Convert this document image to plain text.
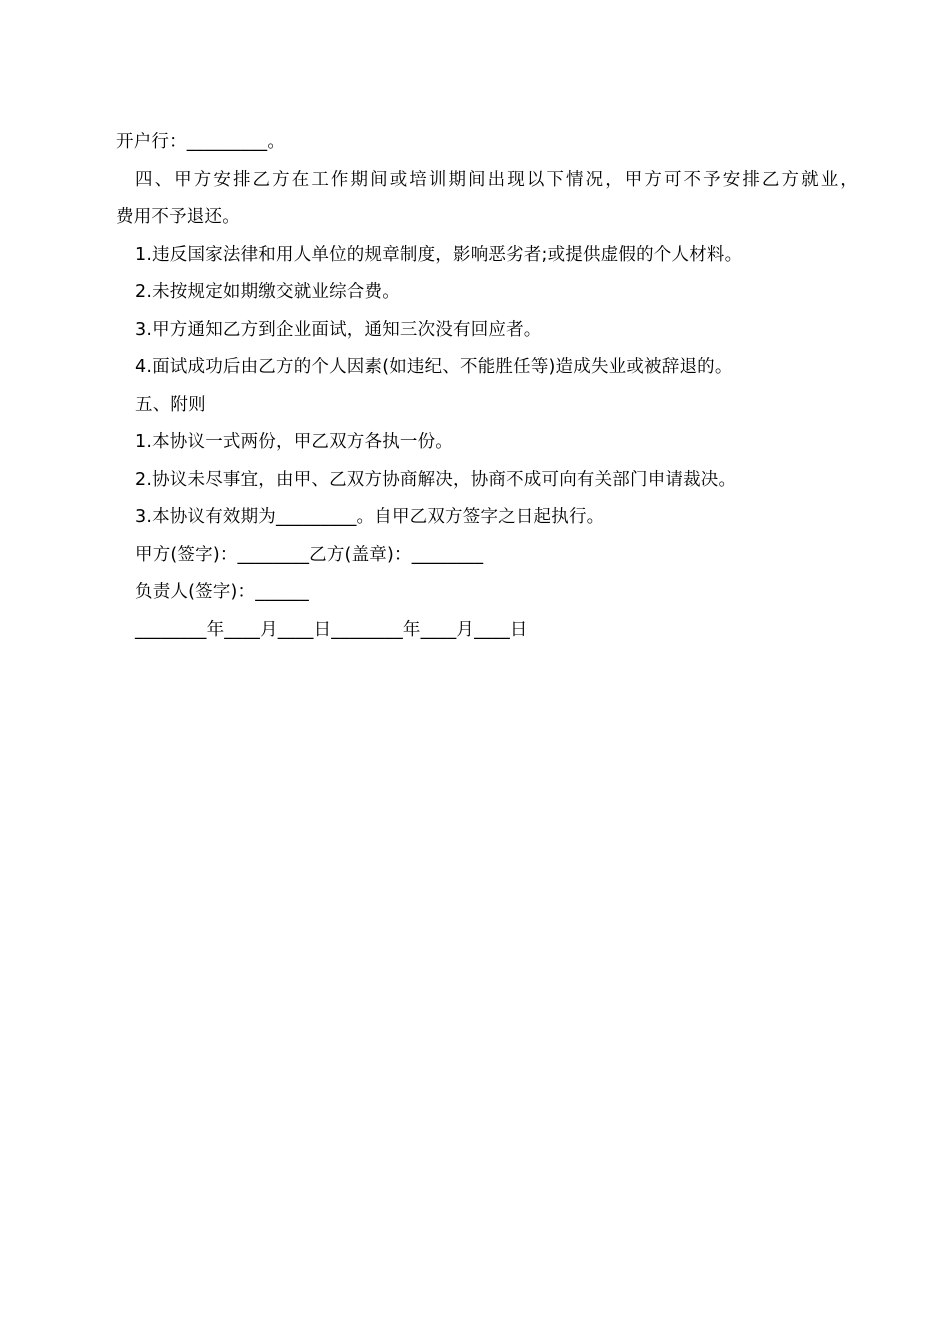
开户行：_________。
四、甲方安排乙方在工作期间或培训期间出现以下情况，甲方可不予安排乙方就业，
费用不予退还。
1.违反国家法律和用人单位的规章制度，影响恶劣者;或提供虚假的个人材料。
2.未按规定如期缴交就业综合费。
3.甲方通知乙方到企业面试，通知三次没有回应者。
4.面试成功后由乙方的个人因素(如违纪、不能胜任等)造成失业或被辞退的。
五、附则
1.本协议一式两份，甲乙双方各执一份。
2.协议未尽事宜，由甲、乙双方协商解决，协商不成可向有关部门申请裁决。
3.本协议有效期为_________。自甲乙双方签字之日起执行。
甲方(签字)：________乙方(盖章)：________
负责人(签字)：______
________年____月____日________年____月____日
